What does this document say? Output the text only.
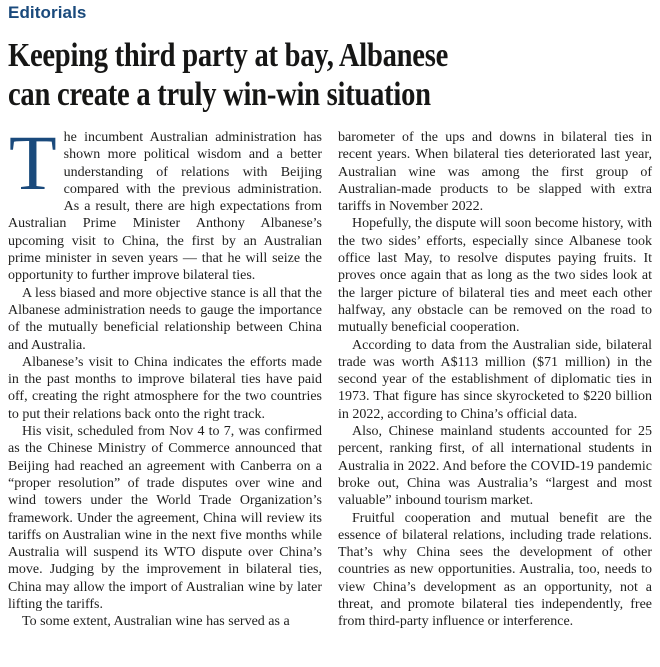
Editorials
Keeping third party at bay, Albanese
can create a truly win-win situation

The incumbent Australian administration has shown more political wisdom and a better understanding of relations with Beijing compared with the previous administration. As a result, there are high expectations from Australian Prime Minister Anthony Albanese’s upcoming visit to China, the first by an Australian prime minister in seven years — that he will seize the opportunity to further improve bilateral ties.

A less biased and more objective stance is all that the Albanese administration needs to gauge the importance of the mutually beneficial relationship between China and Australia.

Albanese’s visit to China indicates the efforts made in the past months to improve bilateral ties have paid off, creating the right atmosphere for the two countries to put their relations back onto the right track.

His visit, scheduled from Nov 4 to 7, was confirmed as the Chinese Ministry of Commerce announced that Beijing had reached an agreement with Canberra on a “proper resolution” of trade disputes over wine and wind towers under the World Trade Organization’s framework. Under the agreement, China will review its tariffs on Australian wine in the next five months while Australia will suspend its WTO dispute over China’s move. Judging by the improvement in bilateral ties, China may allow the import of Australian wine by later lifting the tariffs.

To some extent, Australian wine has served as a

barometer of the ups and downs in bilateral ties in recent years. When bilateral ties deteriorated last year, Australian wine was among the first group of Australian-made products to be slapped with extra tariffs in November 2022.

Hopefully, the dispute will soon become history, with the two sides’ efforts, especially since Albanese took office last May, to resolve disputes paying fruits. It proves once again that as long as the two sides look at the larger picture of bilateral ties and meet each other halfway, any obstacle can be removed on the road to mutually beneficial cooperation.

According to data from the Australian side, bilateral trade was worth A$113 million ($71 million) in the second year of the establishment of diplomatic ties in 1973. That figure has since skyrocketed to $220 billion in 2022, according to China’s official data.

Also, Chinese mainland students accounted for 25 percent, ranking first, of all international students in Australia in 2022. And before the COVID-19 pandemic broke out, China was Australia’s “largest and most valuable” inbound tourism market.

Fruitful cooperation and mutual benefit are the essence of bilateral relations, including trade relations. That’s why China sees the development of other countries as new opportunities. Australia, too, needs to view China’s development as an opportunity, not a threat, and promote bilateral ties independently, free from third-party influence or interference.
